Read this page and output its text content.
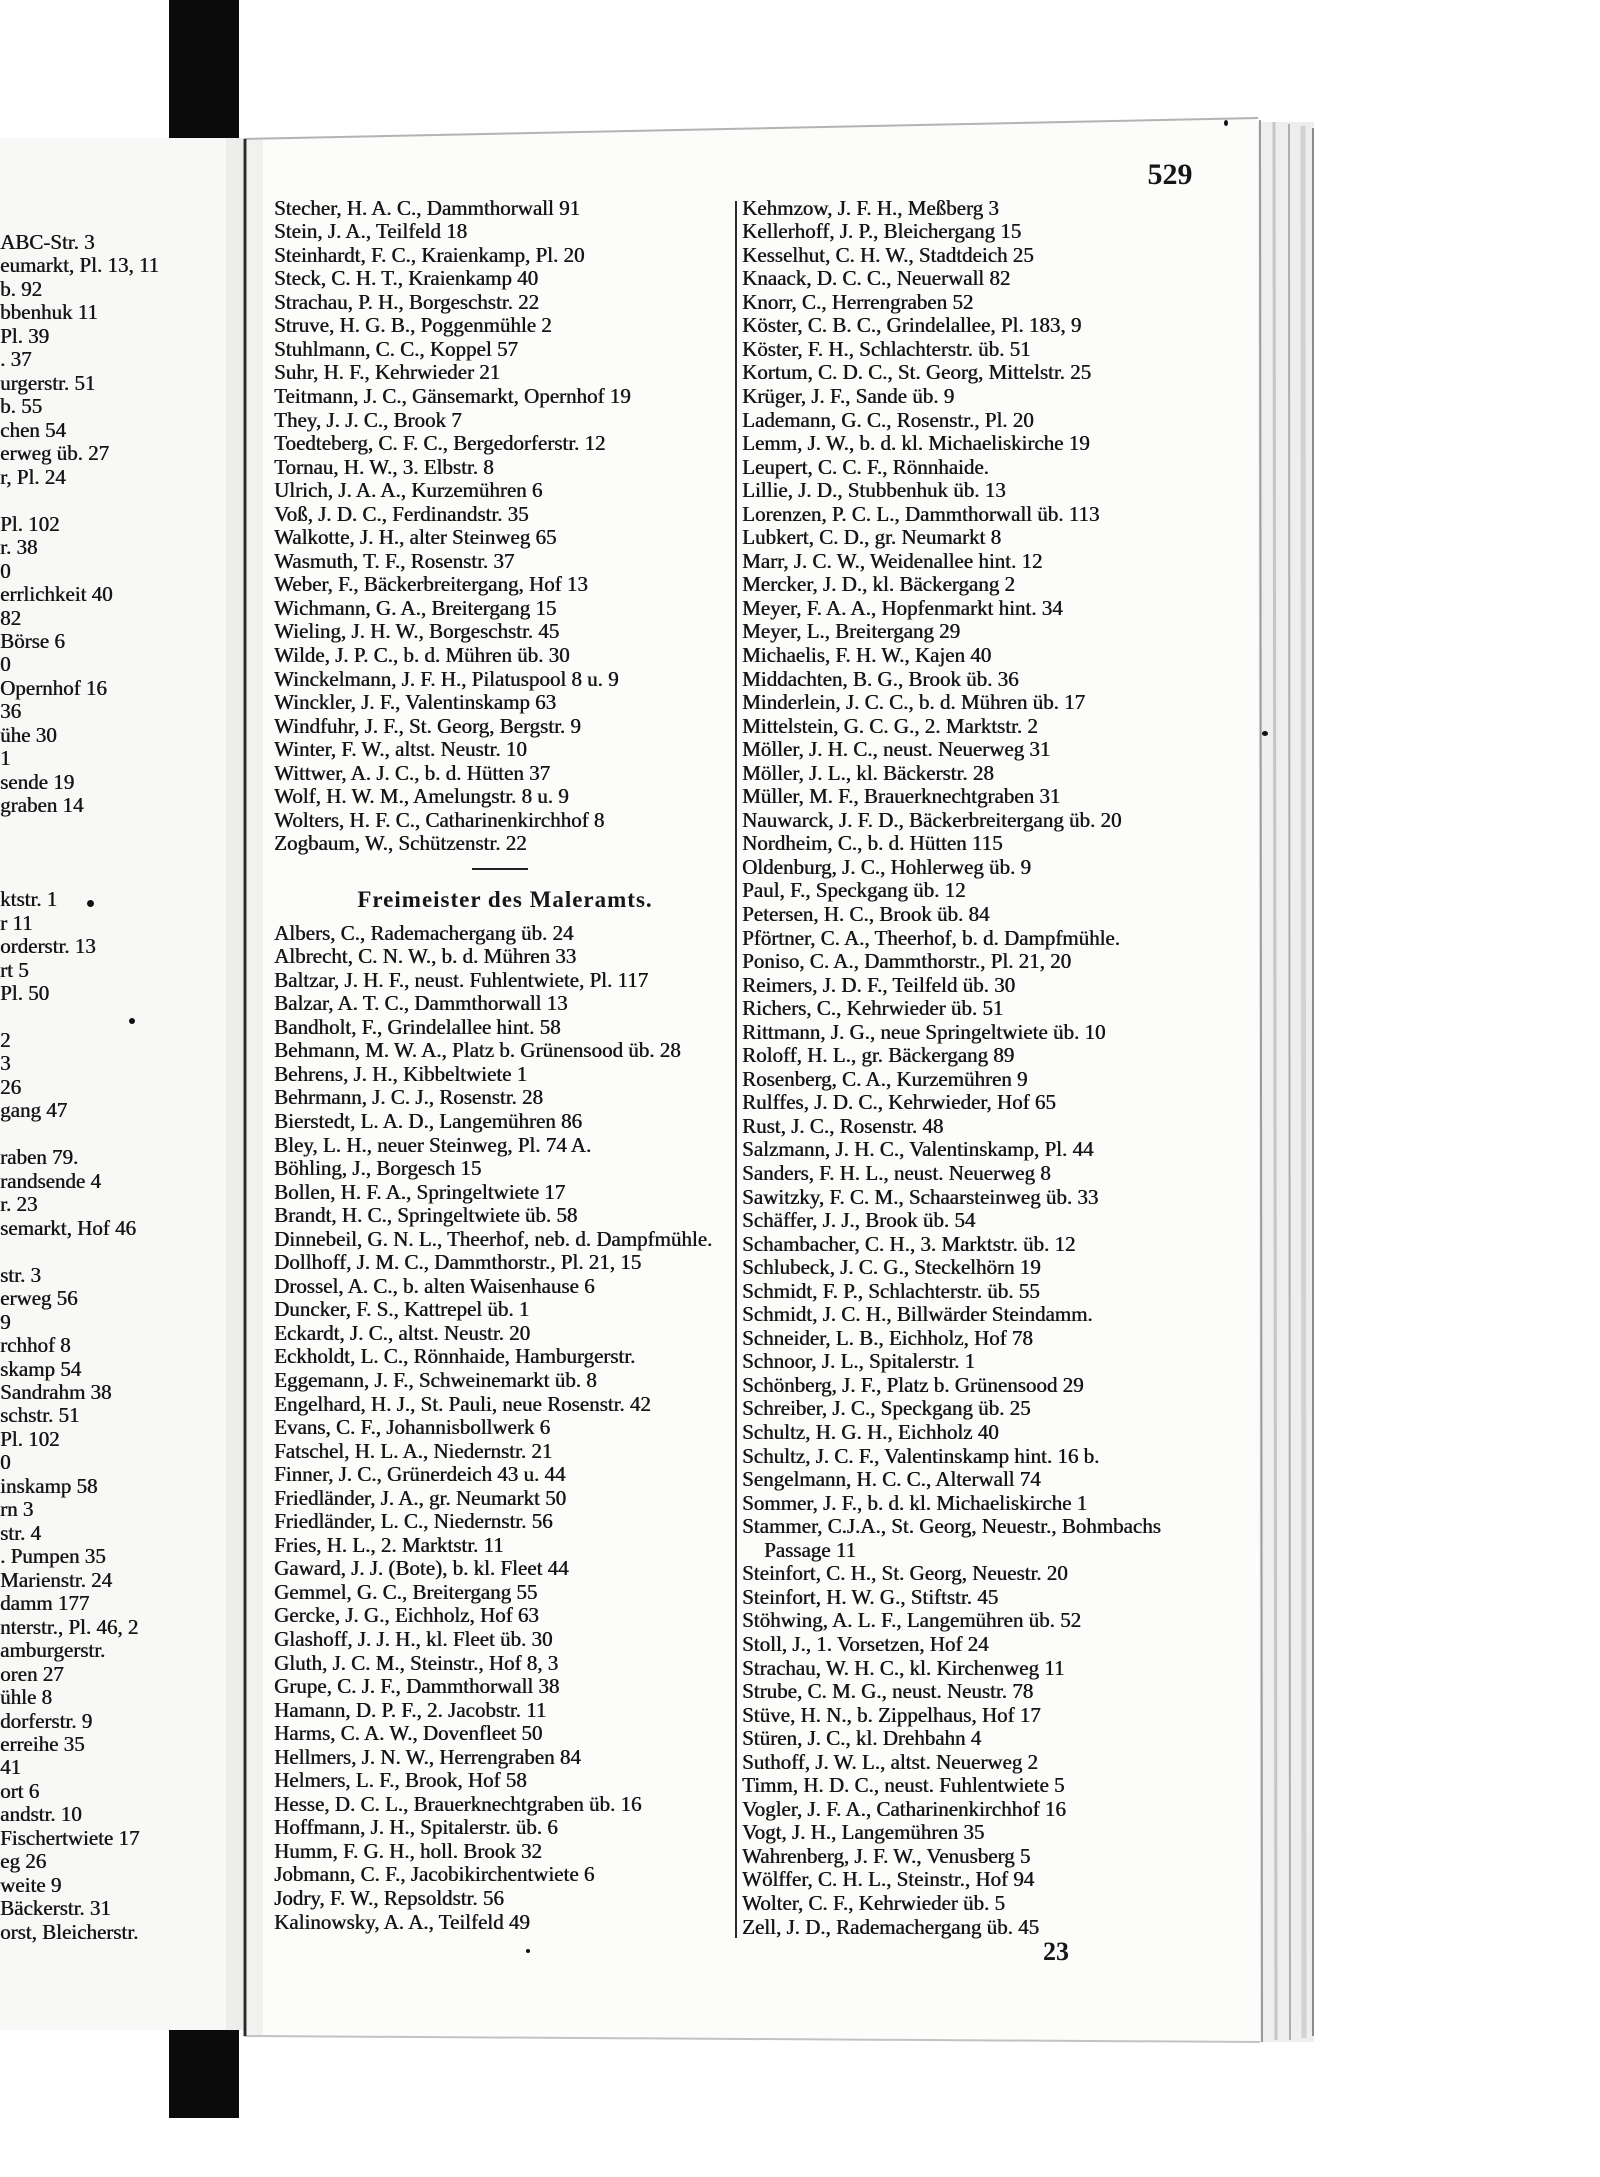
ABC-Str. 3
eumarkt, Pl. 13, 11
b. 92
bbenhuk 11
Pl. 39
. 37
urgerstr. 51
b. 55
chen 54
erweg üb. 27
r, Pl. 24
Pl. 102
r. 38
0
errlichkeit 40
82
Börse 6
0
Opernhof 16
36
ühe 30
1
sende 19
graben 14
ktstr. 1
r 11
orderstr. 13
rt 5
Pl. 50
2
3
26
gang 47
raben 79.
randsende 4
r. 23
semarkt, Hof 46
str. 3
erweg 56
9
rchhof 8
skamp 54
Sandrahm 38
schstr. 51
Pl. 102
0
inskamp 58
rn 3
str. 4
. Pumpen 35
Marienstr. 24
damm 177
nterstr., Pl. 46, 2
amburgerstr.
oren 27
ühle 8
dorferstr. 9
erreihe 35
41
ort 6
andstr. 10
Fischertwiete 17
eg 26
weite 9
Bäckerstr. 31
orst, Bleicherstr.
529
Stecher, H. A. C., Dammthorwall 91
Stein, J. A., Teilfeld 18
Steinhardt, F. C., Kraienkamp, Pl. 20
Steck, C. H. T., Kraienkamp 40
Strachau, P. H., Borgeschstr. 22
Struve, H. G. B., Poggenmühle 2
Stuhlmann, C. C., Koppel 57
Suhr, H. F., Kehrwieder 21
Teitmann, J. C., Gänsemarkt, Opernhof 19
They, J. J. C., Brook 7
Toedteberg, C. F. C., Bergedorferstr. 12
Tornau, H. W., 3. Elbstr. 8
Ulrich, J. A. A., Kurzemühren 6
Voß, J. D. C., Ferdinandstr. 35
Walkotte, J. H., alter Steinweg 65
Wasmuth, T. F., Rosenstr. 37
Weber, F., Bäckerbreitergang, Hof 13
Wichmann, G. A., Breitergang 15
Wieling, J. H. W., Borgeschstr. 45
Wilde, J. P. C., b. d. Mühren üb. 30
Winckelmann, J. F. H., Pilatuspool 8 u. 9
Winckler, J. F., Valentinskamp 63
Windfuhr, J. F., St. Georg, Bergstr. 9
Winter, F. W., altst. Neustr. 10
Wittwer, A. J. C., b. d. Hütten 37
Wolf, H. W. M., Amelungstr. 8 u. 9
Wolters, H. F. C., Catharinenkirchhof 8
Zogbaum, W., Schützenstr. 22
Freimeister des Maleramts.
Albers, C., Rademachergang üb. 24
Albrecht, C. N. W., b. d. Mühren 33
Baltzar, J. H. F., neust. Fuhlentwiete, Pl. 117
Balzar, A. T. C., Dammthorwall 13
Bandholt, F., Grindelallee hint. 58
Behmann, M. W. A., Platz b. Grünensood üb. 28
Behrens, J. H., Kibbeltwiete 1
Behrmann, J. C. J., Rosenstr. 28
Bierstedt, L. A. D., Langemühren 86
Bley, L. H., neuer Steinweg, Pl. 74 A.
Böhling, J., Borgesch 15
Bollen, H. F. A., Springeltwiete 17
Brandt, H. C., Springeltwiete üb. 58
Dinnebeil, G. N. L., Theerhof, neb. d. Dampfmühle.
Dollhoff, J. M. C., Dammthorstr., Pl. 21, 15
Drossel, A. C., b. alten Waisenhause 6
Duncker, F. S., Kattrepel üb. 1
Eckardt, J. C., altst. Neustr. 20
Eckholdt, L. C., Rönnhaide, Hamburgerstr.
Eggemann, J. F., Schweinemarkt üb. 8
Engelhard, H. J., St. Pauli, neue Rosenstr. 42
Evans, C. F., Johannisbollwerk 6
Fatschel, H. L. A., Niedernstr. 21
Finner, J. C., Grünerdeich 43 u. 44
Friedländer, J. A., gr. Neumarkt 50
Friedländer, L. C., Niedernstr. 56
Fries, H. L., 2. Marktstr. 11
Gaward, J. J. (Bote), b. kl. Fleet 44
Gemmel, G. C., Breitergang 55
Gercke, J. G., Eichholz, Hof 63
Glashoff, J. J. H., kl. Fleet üb. 30
Gluth, J. C. M., Steinstr., Hof 8, 3
Grupe, C. J. F., Dammthorwall 38
Hamann, D. P. F., 2. Jacobstr. 11
Harms, C. A. W., Dovenfleet 50
Hellmers, J. N. W., Herrengraben 84
Helmers, L. F., Brook, Hof 58
Hesse, D. C. L., Brauerknechtgraben üb. 16
Hoffmann, J. H., Spitalerstr. üb. 6
Humm, F. G. H., holl. Brook 32
Jobmann, C. F., Jacobikirchentwiete 6
Jodry, F. W., Repsoldstr. 56
Kalinowsky, A. A., Teilfeld 49
Kehmzow, J. F. H., Meßberg 3
Kellerhoff, J. P., Bleichergang 15
Kesselhut, C. H. W., Stadtdeich 25
Knaack, D. C. C., Neuerwall 82
Knorr, C., Herrengraben 52
Köster, C. B. C., Grindelallee, Pl. 183, 9
Köster, F. H., Schlachterstr. üb. 51
Kortum, C. D. C., St. Georg, Mittelstr. 25
Krüger, J. F., Sande üb. 9
Lademann, G. C., Rosenstr., Pl. 20
Lemm, J. W., b. d. kl. Michaeliskirche 19
Leupert, C. C. F., Rönnhaide.
Lillie, J. D., Stubbenhuk üb. 13
Lorenzen, P. C. L., Dammthorwall üb. 113
Lubkert, C. D., gr. Neumarkt 8
Marr, J. C. W., Weidenallee hint. 12
Mercker, J. D., kl. Bäckergang 2
Meyer, F. A. A., Hopfenmarkt hint. 34
Meyer, L., Breitergang 29
Michaelis, F. H. W., Kajen 40
Middachten, B. G., Brook üb. 36
Minderlein, J. C. C., b. d. Mühren üb. 17
Mittelstein, G. C. G., 2. Marktstr. 2
Möller, J. H. C., neust. Neuerweg 31
Möller, J. L., kl. Bäckerstr. 28
Müller, M. F., Brauerknechtgraben 31
Nauwarck, J. F. D., Bäckerbreitergang üb. 20
Nordheim, C., b. d. Hütten 115
Oldenburg, J. C., Hohlerweg üb. 9
Paul, F., Speckgang üb. 12
Petersen, H. C., Brook üb. 84
Pförtner, C. A., Theerhof, b. d. Dampfmühle.
Poniso, C. A., Dammthorstr., Pl. 21, 20
Reimers, J. D. F., Teilfeld üb. 30
Richers, C., Kehrwieder üb. 51
Rittmann, J. G., neue Springeltwiete üb. 10
Roloff, H. L., gr. Bäckergang 89
Rosenberg, C. A., Kurzemühren 9
Rulffes, J. D. C., Kehrwieder, Hof 65
Rust, J. C., Rosenstr. 48
Salzmann, J. H. C., Valentinskamp, Pl. 44
Sanders, F. H. L., neust. Neuerweg 8
Sawitzky, F. C. M., Schaarsteinweg üb. 33
Schäffer, J. J., Brook üb. 54
Schambacher, C. H., 3. Marktstr. üb. 12
Schlubeck, J. C. G., Steckelhörn 19
Schmidt, F. P., Schlachterstr. üb. 55
Schmidt, J. C. H., Billwärder Steindamm.
Schneider, L. B., Eichholz, Hof 78
Schnoor, J. L., Spitalerstr. 1
Schönberg, J. F., Platz b. Grünensood 29
Schreiber, J. C., Speckgang üb. 25
Schultz, H. G. H., Eichholz 40
Schultz, J. C. F., Valentinskamp hint. 16 b.
Sengelmann, H. C. C., Alterwall 74
Sommer, J. F., b. d. kl. Michaeliskirche 1
Stammer, C.J.A., St. Georg, Neuestr., Bohmbachs
Passage 11
Steinfort, C. H., St. Georg, Neuestr. 20
Steinfort, H. W. G., Stiftstr. 45
Stöhwing, A. L. F., Langemühren üb. 52
Stoll, J., 1. Vorsetzen, Hof 24
Strachau, W. H. C., kl. Kirchenweg 11
Strube, C. M. G., neust. Neustr. 78
Stüve, H. N., b. Zippelhaus, Hof 17
Stüren, J. C., kl. Drehbahn 4
Suthoff, J. W. L., altst. Neuerweg 2
Timm, H. D. C., neust. Fuhlentwiete 5
Vogler, J. F. A., Catharinenkirchhof 16
Vogt, J. H., Langemühren 35
Wahrenberg, J. F. W., Venusberg 5
Wölffer, C. H. L., Steinstr., Hof 94
Wolter, C. F., Kehrwieder üb. 5
Zell, J. D., Rademachergang üb. 45
23
